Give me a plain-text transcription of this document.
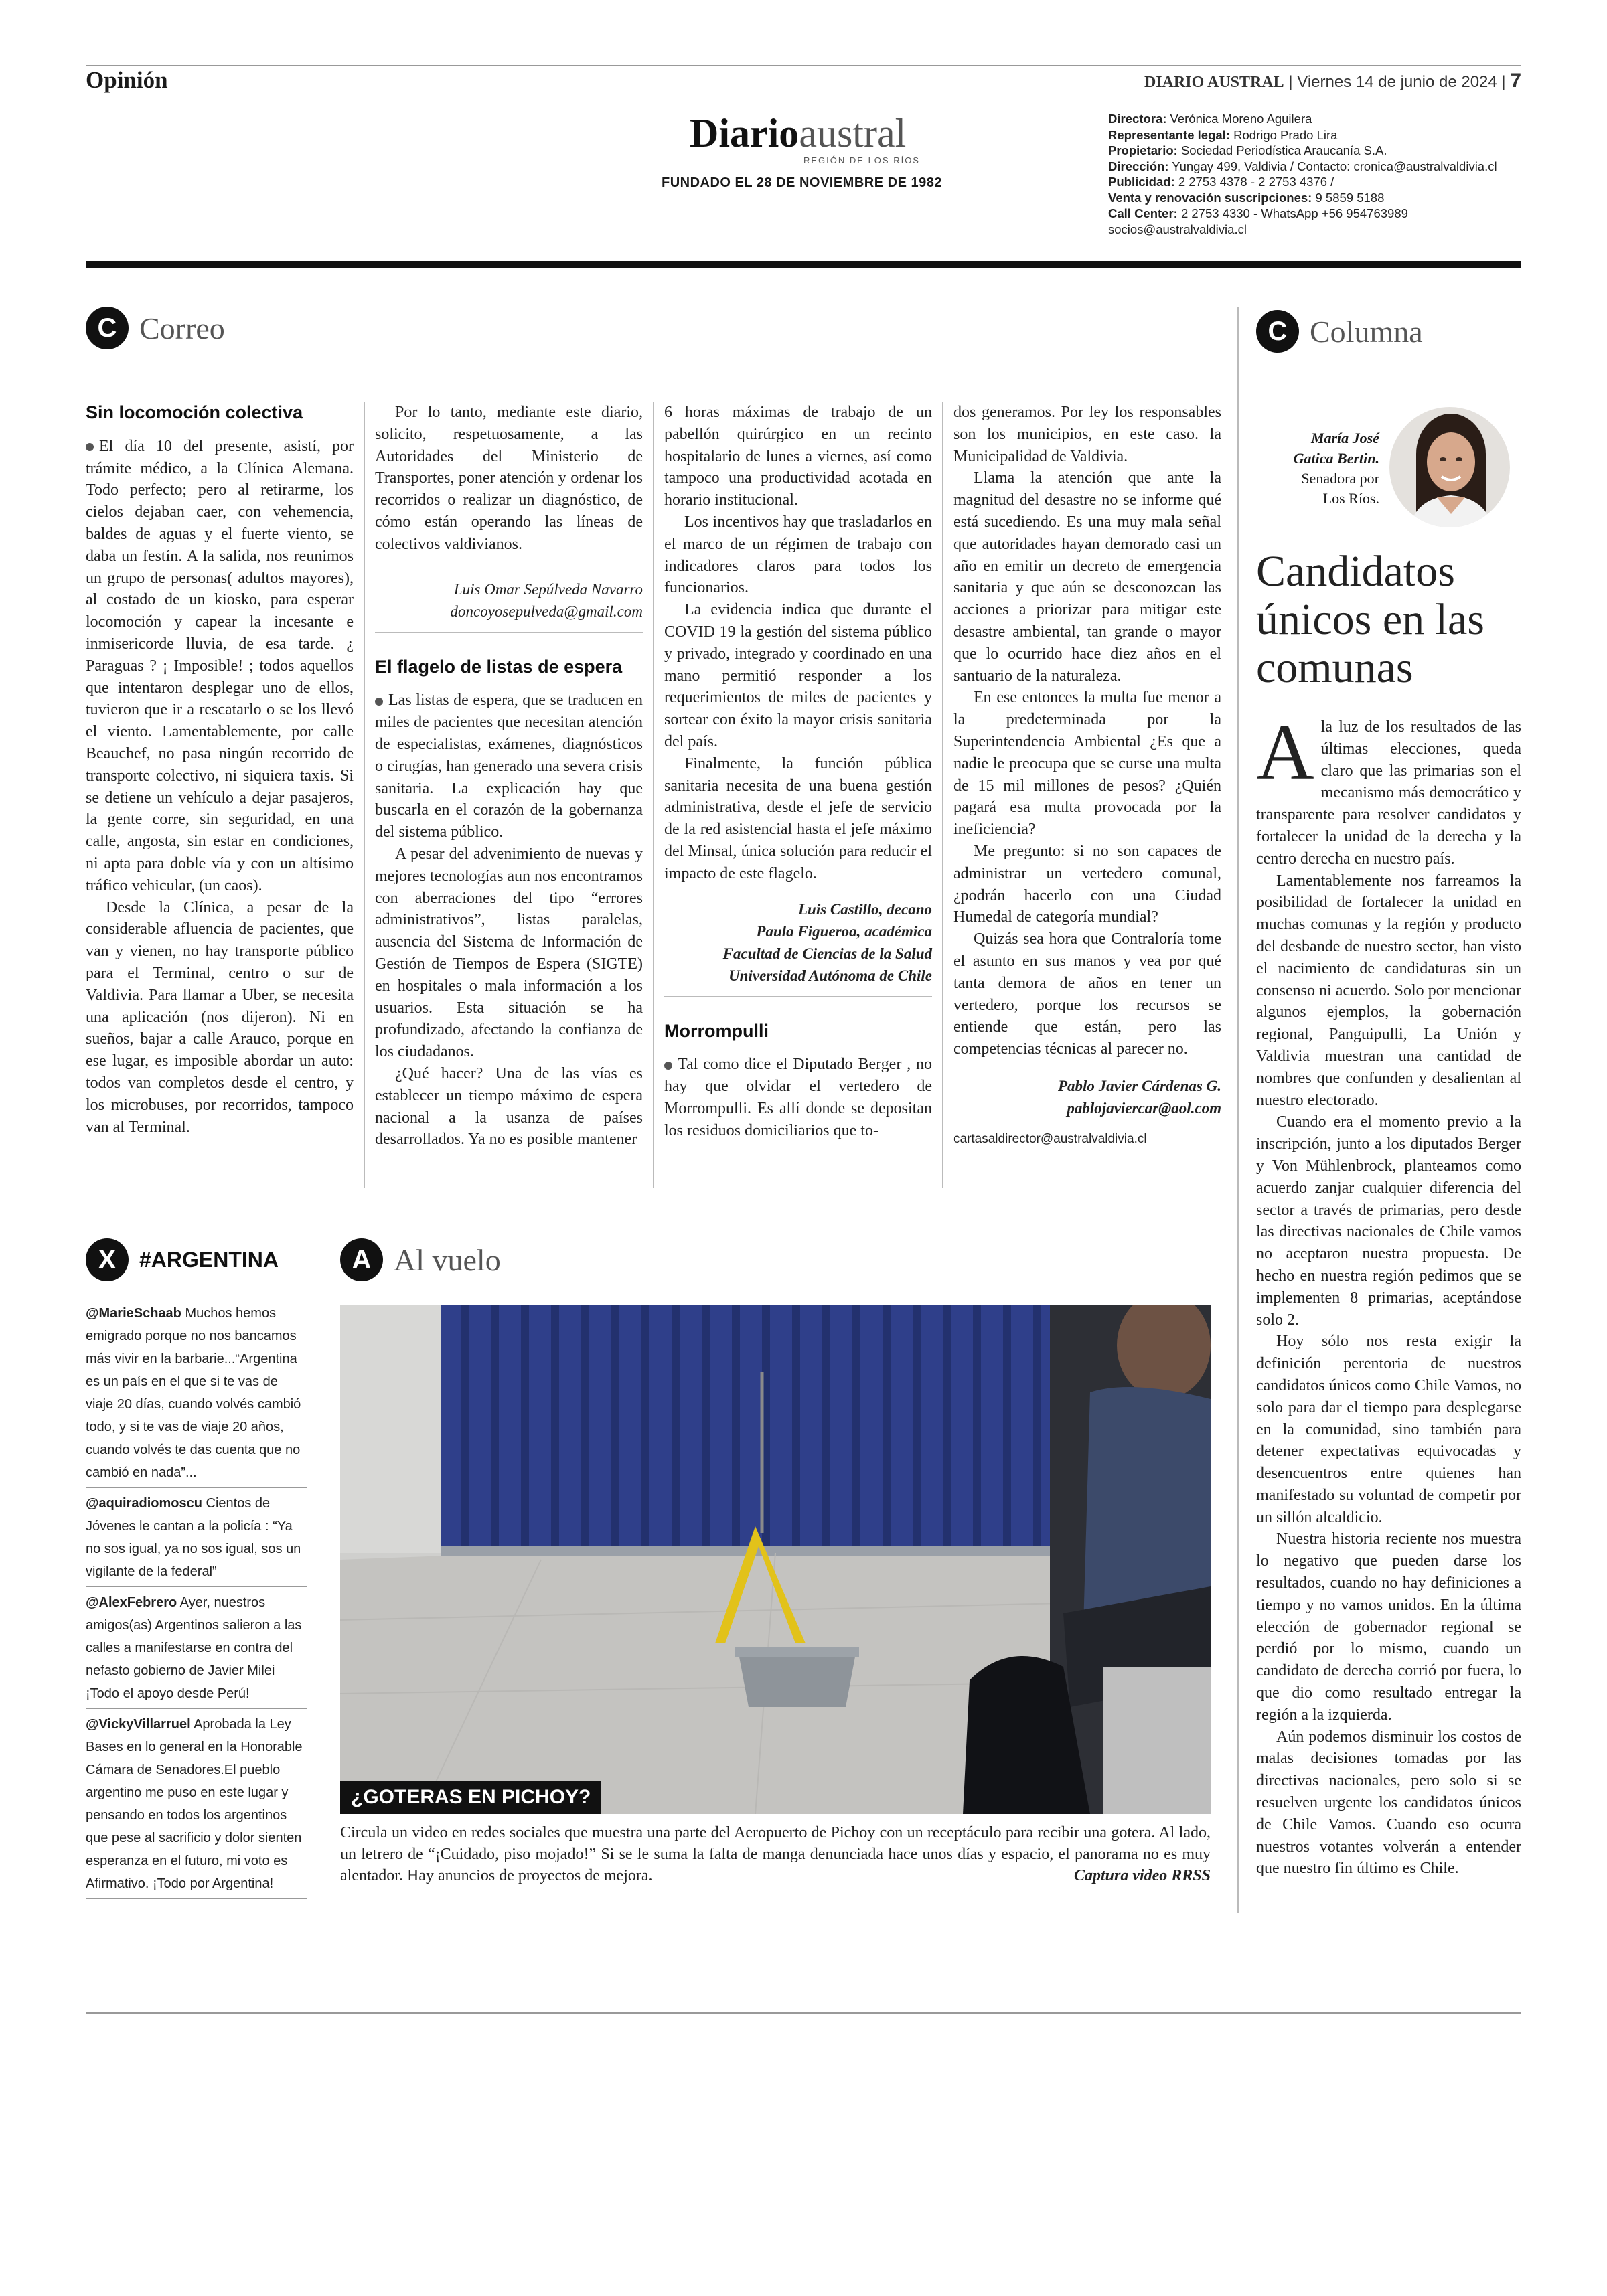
Opinión	DIARIO AUSTRAL | Viernes 14 de junio de 2024 | 7
Diarioaustral
REGIÓN DE LOS RÍOS
FUNDADO EL 28 DE NOVIEMBRE DE 1982
Directora: Verónica Moreno Aguilera
Representante legal: Rodrigo Prado Lira
Propietario: Sociedad Periodística Araucanía S.A.
Dirección: Yungay 499, Valdivia / Contacto: cronica@australvaldivia.cl
Publicidad: 2 2753 4378 - 2 2753 4376 /
Venta y renovación suscripciones: 9 5859 5188
Call Center: 2 2753 4330 - WhatsApp +56 954763989
socios@australvaldivia.cl
C Correo
Sin locomoción colectiva

El día 10 del presente, asistí, por trámite médico, a la Clínica Alemana. Todo perfecto; pero al retirarme, los cielos dejaban caer, con vehemencia, baldes de aguas y el fuerte viento, se daba un festín. A la salida, nos reunimos un grupo de personas( adultos mayores), al costado de un kiosko, para esperar locomoción y capear la incesante e inmisericorde lluvia, de esa tarde. ¿ Paraguas ? ¡ Imposible! ; todos aquellos que intentaron desplegar uno de ellos, tuvieron que ir a rescatarlo o se los llevó el viento. Lamentablemente, por calle Beauchef, no pasa ningún recorrido de transporte colectivo, ni siquiera taxis. Si se detiene un vehículo a dejar pasajeros, la gente corre, sin seguridad, en una calle, angosta, sin estar en condiciones, ni apta para doble vía y con un altísimo tráfico vehicular, (un caos).

Desde la Clínica, a pesar de la considerable afluencia de pacientes, que van y vienen, no hay transporte público para el Terminal, centro o sur de Valdivia. Para llamar a Uber, se necesita una aplicación (nos dijeron). Ni en sueños, bajar a calle Arauco, porque en ese lugar, es imposible abordar un auto: todos van completos desde el centro, y los microbuses, por recorridos, tampoco van al Terminal.

Por lo tanto, mediante este diario, solicito, respetuosamente, a las Autoridades del Ministerio de Transportes, poner atención y ordenar los recorridos o realizar un diagnóstico, de cómo están operando las líneas de colectivos valdivianos.

Luis Omar Sepúlveda Navarro
doncoyosepulveda@gmail.com
El flagelo de listas de espera

Las listas de espera, que se traducen en miles de pacientes que necesitan atención de especialistas, exámenes, diagnósticos o cirugías, han generado una severa crisis sanitaria. La explicación hay que buscarla en el corazón de la gobernanza del sistema público.

A pesar del advenimiento de nuevas y mejores tecnologías aun nos encontramos con aberraciones del tipo “errores administrativos”, listas paralelas, ausencia del Sistema de Información de Gestión de Tiempos de Espera (SIGTE) en hospitales o mala información a los usuarios. Esta situación se ha profundizado, afectando la confianza de los ciudadanos.

¿Qué hacer? Una de las vías es establecer un tiempo máximo de espera nacional a la usanza de países desarrollados. Ya no es posible mantener

6 horas máximas de trabajo de un pabellón quirúrgico en un recinto hospitalario de lunes a viernes, así como tampoco una productividad acotada en horario institucional.

Los incentivos hay que trasladarlos en el marco de un régimen de trabajo con indicadores claros para todos los funcionarios.

La evidencia indica que durante el COVID 19 la gestión del sistema público y privado, integrado y coordinado en una mano permitió responder a los requerimientos de miles de pacientes y sortear con éxito la mayor crisis sanitaria del país.

Finalmente, la función pública sanitaria necesita de una buena gestión administrativa, desde el jefe de servicio de la red asistencial hasta el jefe máximo del Minsal, única solución para reducir el impacto de este flagelo.

Luis Castillo, decano
Paula Figueroa, académica
Facultad de Ciencias de la Salud
Universidad Autónoma de Chile
Morrompulli

Tal como dice el Diputado Berger , no hay que olvidar el vertedero de Morrompulli. Es allí donde se depositan los residuos domiciliarios que to-

dos generamos. Por ley los responsables son los municipios, en este caso. la Municipalidad de Valdivia.

Llama la atención que ante la magnitud del desastre no se informe qué está sucediendo. Es una muy mala señal que autoridades hayan demorado casi un año en emitir un decreto de emergencia sanitaria y que aún se desconozcan las acciones a priorizar para mitigar este desastre ambiental, tan grande o mayor que lo ocurrido hace diez años en el santuario de la naturaleza.

En ese entonces la multa fue menor a la predeterminada por la Superintendencia Ambiental ¿Es que a nadie le preocupa que se curse una multa de 15 mil millones de pesos? ¿Quién pagará esa multa provocada por la ineficiencia?

Me pregunto: si no son capaces de administrar un vertedero comunal, ¿podrán hacerlo con una Ciudad Humedal de categoría mundial?

Quizás sea hora que Contraloría tome el asunto en sus manos y vea por qué tanta demora de años en tener un vertedero, porque los recursos se entiende que están, pero las competencias técnicas al parecer no.

Pablo Javier Cárdenas G.
pablojaviercar@aol.com
cartasaldirector@australvaldivia.cl
C Columna
María José
Gatica Bertin.
Senadora por
Los Ríos.
Candidatos únicos en las comunas

A la luz de los resultados de las últimas elecciones, queda claro que las primarias son el mecanismo más democrático y transparente para resolver candidatos y fortalecer la unidad de la derecha y la centro derecha en nuestro país.

Lamentablemente nos farreamos la posibilidad de fortalecer la unidad en muchas comunas y la región y producto del desbande de nuestro sector, han visto el nacimiento de candidaturas sin un consenso ni acuerdo. Solo por mencionar algunos ejemplos, la gobernación regional, Panguipulli, La Unión y Valdivia muestran una cantidad de nombres que confunden y desalientan al nuestro electorado.

Cuando era el momento previo a la inscripción, junto a los diputados Berger y Von Mühlenbrock, planteamos como acuerdo zanjar cualquier diferencia del sector a través de primarias, pero desde las directivas nacionales de Chile vamos no aceptaron nuestra propuesta. De hecho en nuestra región pedimos que se implementen 8 primarias, aceptándose solo 2.

Hoy sólo nos resta exigir la definición perentoria de nuestros candidatos únicos como Chile Vamos, no solo para dar el tiempo para desplegarse en la comunidad, sino también para detener expectativas equivocadas y desencuentros entre quienes han manifestado su voluntad de competir por un sillón alcaldicio.

Nuestra historia reciente nos muestra lo negativo que pueden darse los resultados, cuando no hay definiciones a tiempo y no vamos unidos. En la última elección de gobernador regional se perdió por lo mismo, cuando un candidato de derecha corrió por fuera, lo que dio como resultado entregar la región a la izquierda.

Aún podemos disminuir los costos de malas decisiones tomadas por las directivas nacionales, pero solo si se resuelven urgente los candidatos únicos de Chile Vamos. Cuando eso ocurra nuestros votantes volverán a entender que nuestro fin último es Chile.

X	#ARGENTINA
@MarieSchaab Muchos hemos emigrado porque no nos bancamos más vivir en la barbarie...“Argentina es un país en el que si te vas de viaje 20 días, cuando volvés cambió todo, y si te vas de viaje 20 años, cuando volvés te das cuenta que no cambió en nada”...
@aquiradiomoscu Cientos de Jóvenes le cantan a la policía : “Ya no sos igual, ya no sos igual, sos un vigilante de la federal”
@AlexFebrero Ayer, nuestros amigos(as) Argentinos salieron a las calles a manifestarse en contra del nefasto gobierno de Javier Milei ¡Todo el apoyo desde Perú!
@VickyVillarruel Aprobada la Ley Bases en lo general en la Honorable Cámara de Senadores.El pueblo argentino me puso en este lugar y pensando en todos los argentinos que pese al sacrificio y dolor sienten esperanza en el futuro, mi voto es Afirmativo. ¡Todo por Argentina!
A Al vuelo
¿GOTERAS EN PICHOY?
Circula un video en redes sociales que muestra una parte del Aeropuerto de Pichoy con un receptáculo para recibir una gotera. Al lado, un letrero de “¡Cuidado, piso mojado!” Si se le suma la falta de manga denunciada hace unos días y espacio, el panorama no es muy alentador. Hay anuncios de proyectos de mejora.	Captura video RRSS
